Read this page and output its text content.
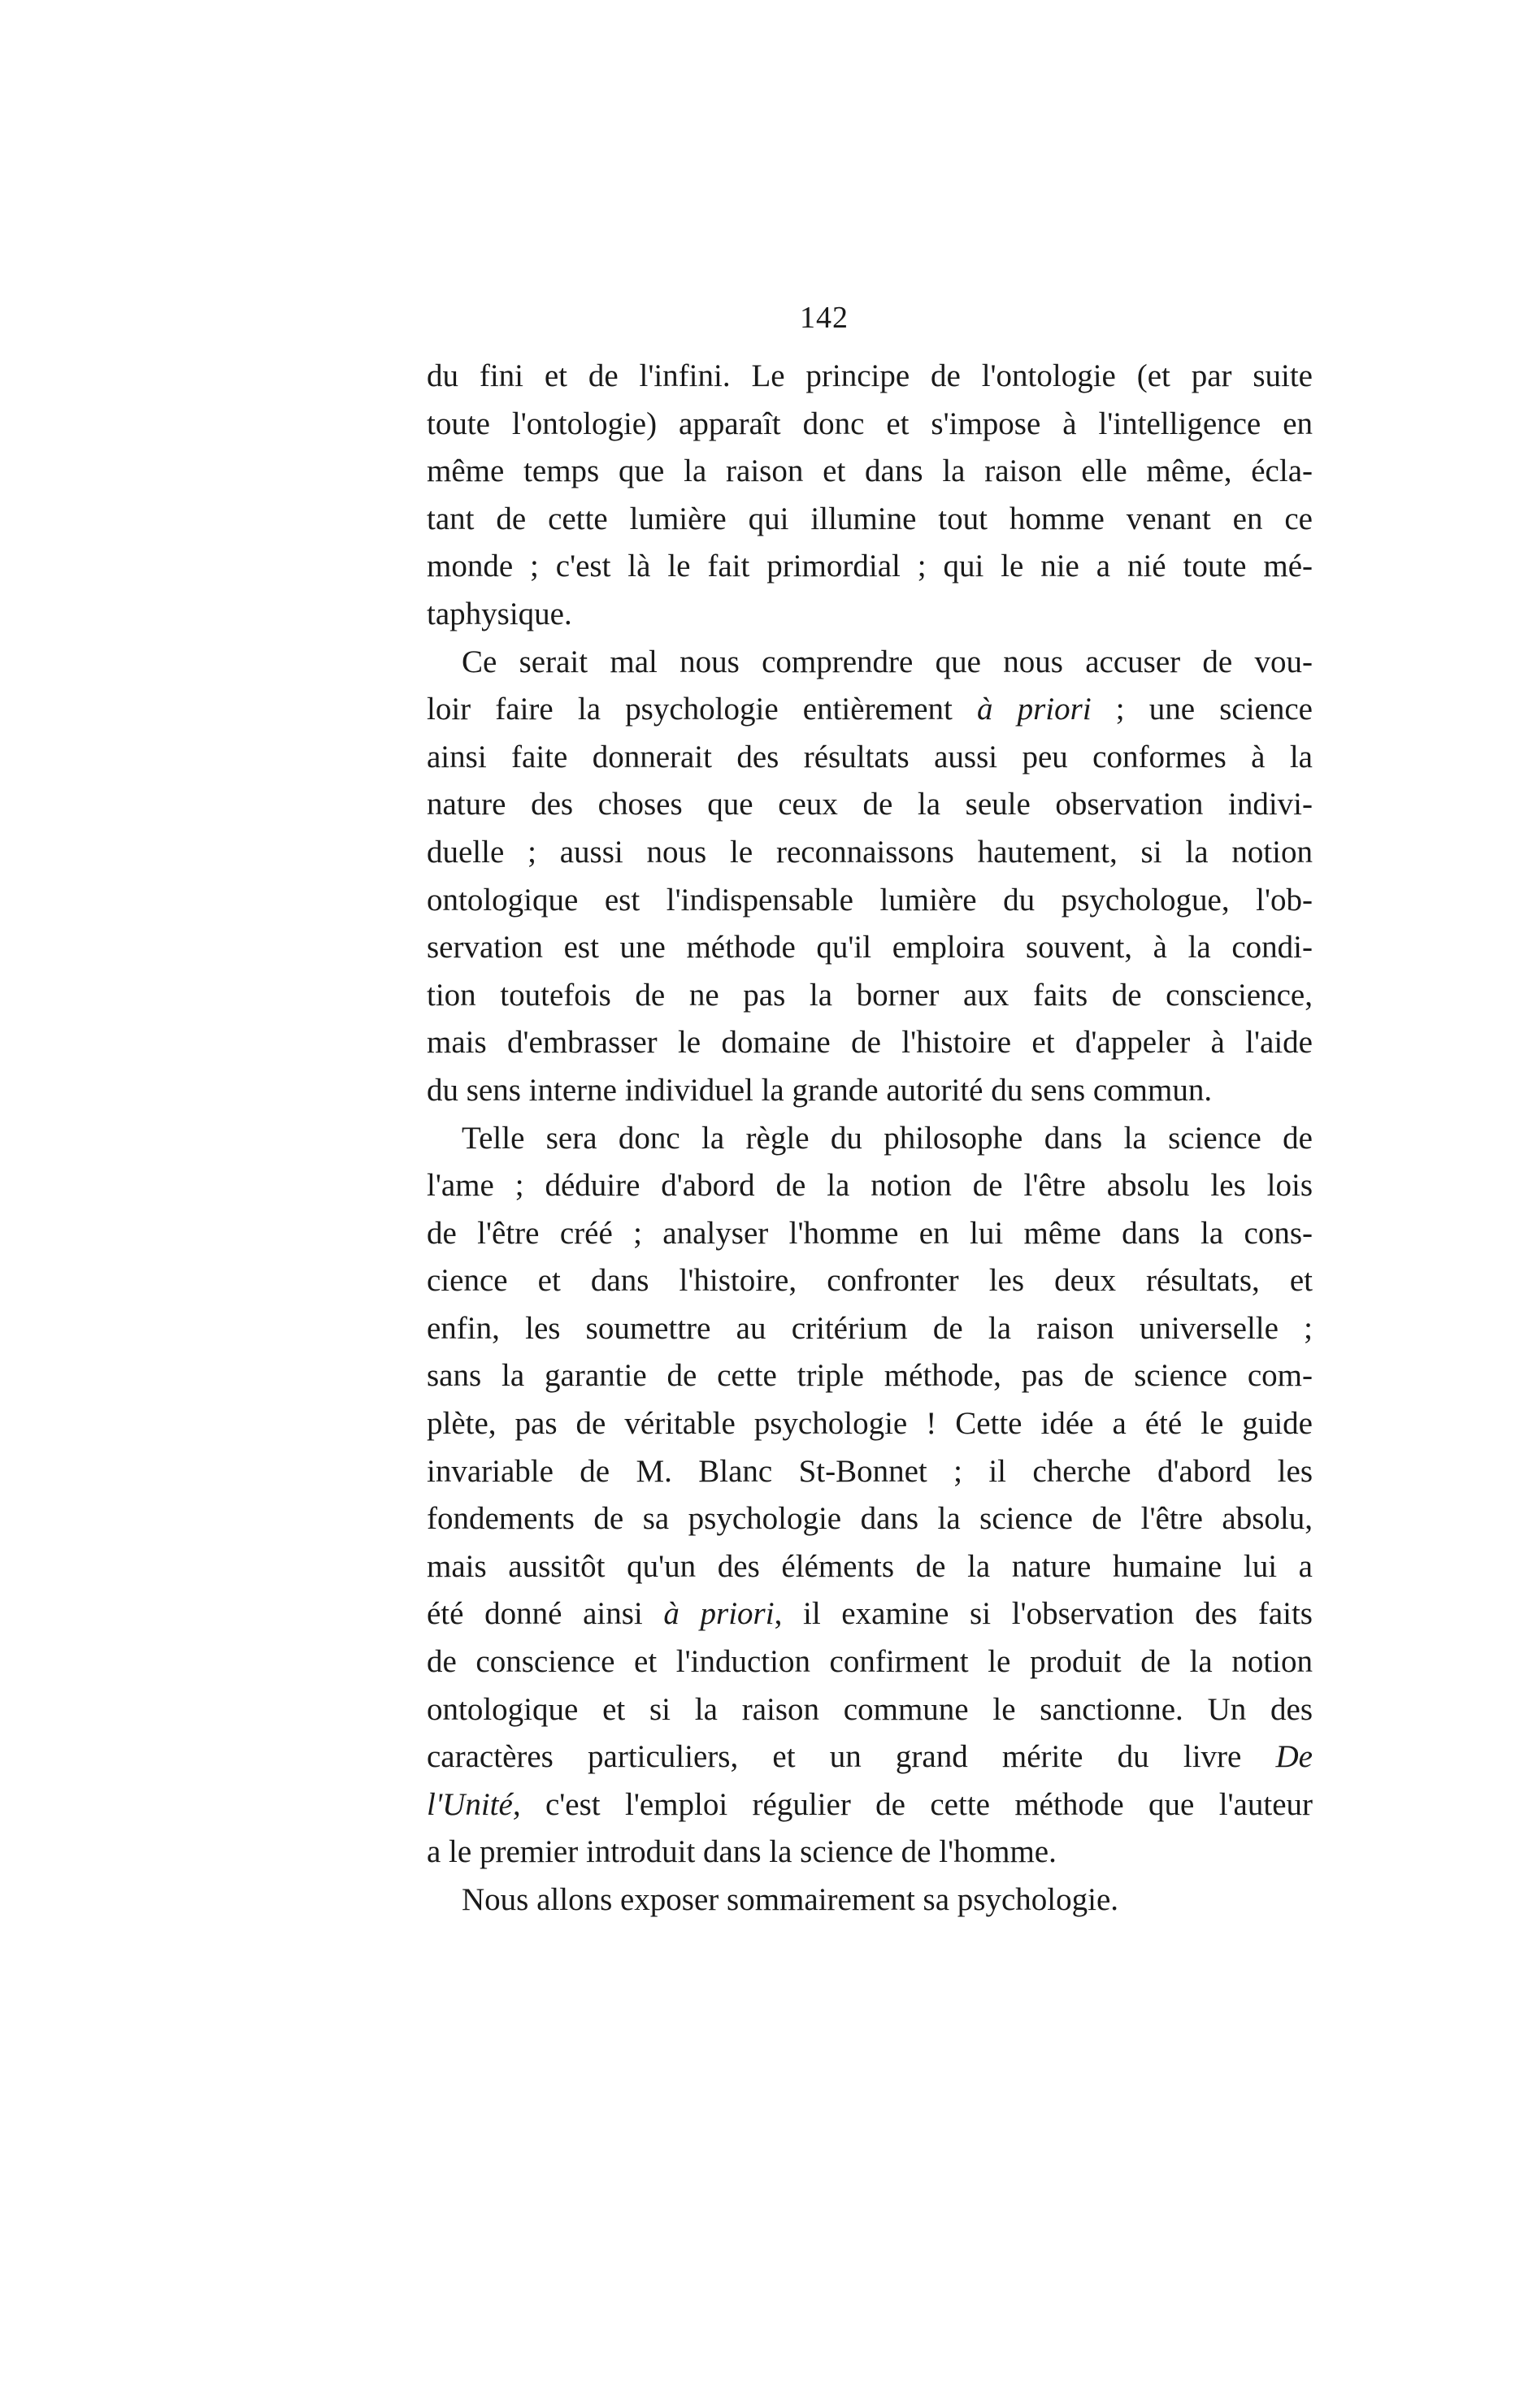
142
du fini et de l'infini. Le principe de l'ontologie (et par suite
toute l'ontologie) apparaît donc et s'impose à l'intelligence en
même temps que la raison et dans la raison elle même, écla-
tant de cette lumière qui illumine tout homme venant en ce
monde ; c'est là le fait primordial ; qui le nie a nié toute mé-
taphysique.
Ce serait mal nous comprendre que nous accuser de vou-
loir faire la psychologie entièrement à priori ; une science
ainsi faite donnerait des résultats aussi peu conformes à la
nature des choses que ceux de la seule observation indivi-
duelle ; aussi nous le reconnaissons hautement, si la notion
ontologique est l'indispensable lumière du psychologue, l'ob-
servation est une méthode qu'il emploira souvent, à la condi-
tion toutefois de ne pas la borner aux faits de conscience,
mais d'embrasser le domaine de l'histoire et d'appeler à l'aide
du sens interne individuel la grande autorité du sens commun.
Telle sera donc la règle du philosophe dans la science de
l'ame ; déduire d'abord de la notion de l'être absolu les lois
de l'être créé ; analyser l'homme en lui même dans la cons-
cience et dans l'histoire, confronter les deux résultats, et
enfin, les soumettre au critérium de la raison universelle ;
sans la garantie de cette triple méthode, pas de science com-
plète, pas de véritable psychologie ! Cette idée a été le guide
invariable de M. Blanc St-Bonnet ; il cherche d'abord les
fondements de sa psychologie dans la science de l'être absolu,
mais aussitôt qu'un des éléments de la nature humaine lui a
été donné ainsi à priori, il examine si l'observation des faits
de conscience et l'induction confirment le produit de la notion
ontologique et si la raison commune le sanctionne. Un des
caractères particuliers, et un grand mérite du livre De
l'Unité, c'est l'emploi régulier de cette méthode que l'auteur
a le premier introduit dans la science de l'homme.
Nous allons exposer sommairement sa psychologie.
